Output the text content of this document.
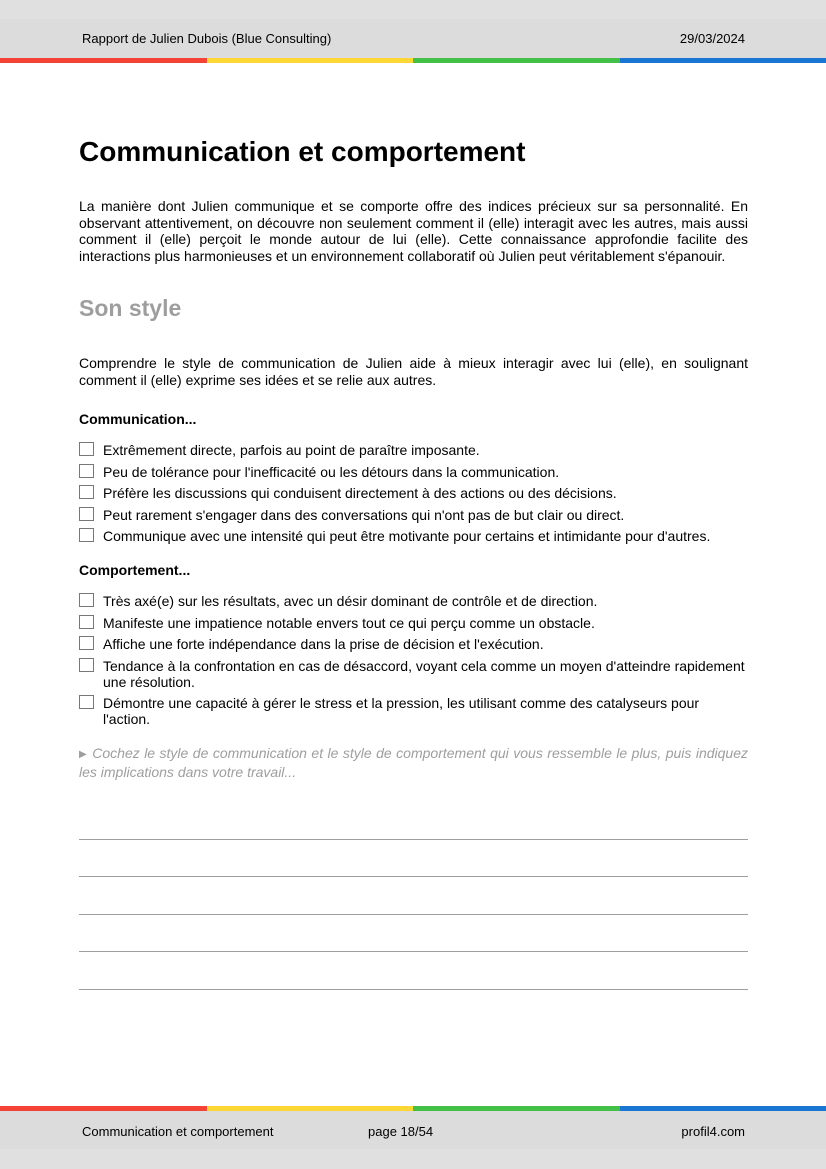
Rapport de Julien Dubois (Blue Consulting)	29/03/2024
Communication et comportement

La manière dont Julien communique et se comporte offre des indices précieux sur sa personnalité. En observant attentivement, on découvre non seulement comment il (elle) interagit avec les autres, mais aussi comment il (elle) perçoit le monde autour de lui (elle). Cette connaissance approfondie facilite des interactions plus harmonieuses et un environnement collaboratif où Julien peut véritablement s'épanouir.

Son style

Comprendre le style de communication de Julien aide à mieux interagir avec lui (elle), en soulignant comment il (elle) exprime ses idées et se relie aux autres.

Communication...
Extrêmement directe, parfois au point de paraître imposante.
Peu de tolérance pour l'inefficacité ou les détours dans la communication.
Préfère les discussions qui conduisent directement à des actions ou des décisions.
Peut rarement s'engager dans des conversations qui n'ont pas de but clair ou direct.
Communique avec une intensité qui peut être motivante pour certains et intimidante pour d'autres.
Comportement...
Très axé(e) sur les résultats, avec un désir dominant de contrôle et de direction.
Manifeste une impatience notable envers tout ce qui perçu comme un obstacle.
Affiche une forte indépendance dans la prise de décision et l'exécution.
Tendance à la confrontation en cas de désaccord, voyant cela comme un moyen d'atteindre rapidement une résolution.
Démontre une capacité à gérer le stress et la pression, les utilisant comme des catalyseurs pour l'action.

▶ Cochez le style de communication et le style de comportement qui vous ressemble le plus, puis indiquez les implications dans votre travail...

Communication et comportement	page 18/54	profil4.com
